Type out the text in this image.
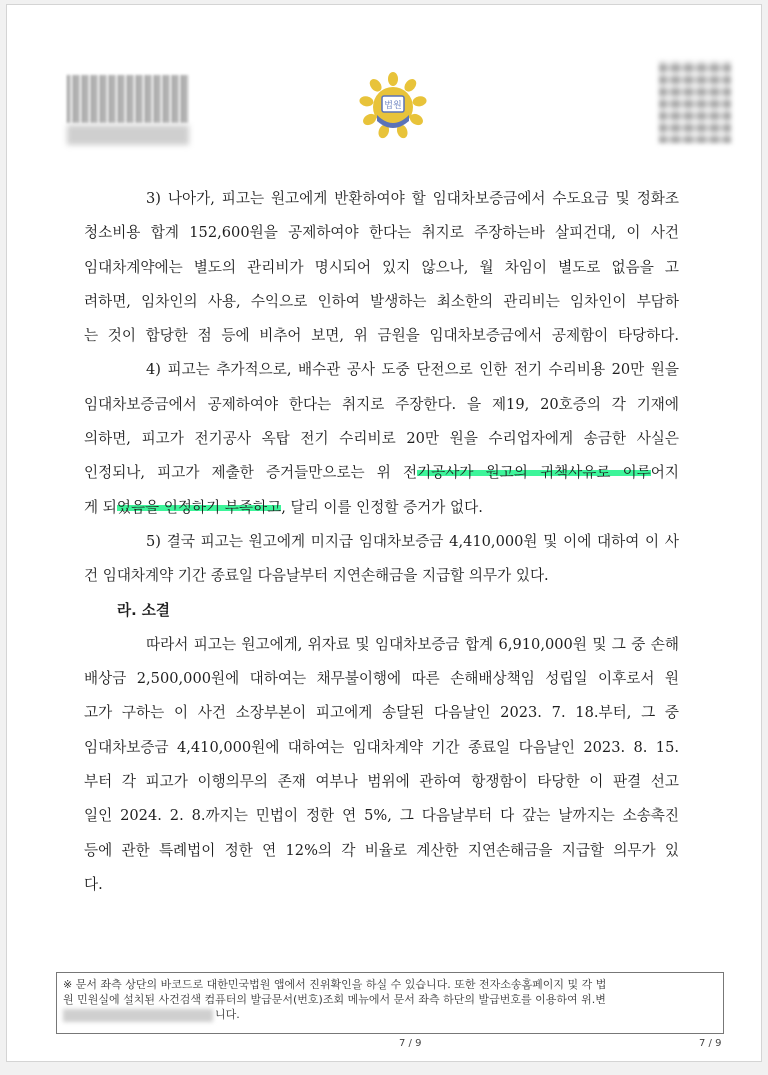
법원
3) 나아가, 피고는 원고에게 반환하여야 할 임대차보증금에서 수도요금 및 정화조
청소비용 합계 152,600원을 공제하여야 한다는 취지로 주장하는바 살피건대, 이 사건
임대차계약에는 별도의 관리비가 명시되어 있지 않으나, 월 차임이 별도로 없음을 고
려하면, 임차인의 사용, 수익으로 인하여 발생하는 최소한의 관리비는 임차인이 부담하
는 것이 합당한 점 등에 비추어 보면, 위 금원을 임대차보증금에서 공제함이 타당하다.
4) 피고는 추가적으로, 배수관 공사 도중 단전으로 인한 전기 수리비용 20만 원을
임대차보증금에서 공제하여야 한다는 취지로 주장한다. 을 제19, 20호증의 각 기재에
의하면, 피고가 전기공사 옥탑 전기 수리비로 20만 원을 수리업자에게 송금한 사실은
인정되나, 피고가 제출한 증거들만으로는 위 전기공사가 원고의 귀책사유로 이루어지
게 되었음을 인정하기 부족하고, 달리 이를 인정할 증거가 없다.
5) 결국 피고는 원고에게 미지급 임대차보증금 4,410,000원 및 이에 대하여 이 사
건 임대차계약 기간 종료일 다음날부터 지연손해금을 지급할 의무가 있다.
라. 소결
따라서 피고는 원고에게, 위자료 및 임대차보증금 합계 6,910,000원 및 그 중 손해
배상금 2,500,000원에 대하여는 채무불이행에 따른 손해배상책임 성립일 이후로서 원
고가 구하는 이 사건 소장부본이 피고에게 송달된 다음날인 2023. 7. 18.부터, 그 중
임대차보증금 4,410,000원에 대하여는 임대차계약 기간 종료일 다음날인 2023. 8. 15.
부터 각 피고가 이행의무의 존재 여부나 범위에 관하여 항쟁함이 타당한 이 판결 선고
일인 2024. 2. 8.까지는 민법이 정한 연 5%, 그 다음날부터 다 갚는 날까지는 소송촉진
등에 관한 특례법이 정한 연 12%의 각 비율로 계산한 지연손해금을 지급할 의무가 있
다.
※ 문서 좌측 상단의 바코드로 대한민국법원 앱에서 진위확인을 하실 수 있습니다. 또한 전자소송홈페이지 및 각 법
원 민원실에 설치된 사건검색 컴퓨터의 발급문서(번호)조회 메뉴에서 문서 좌측 하단의 발급번호를 이용하여 위.변
니다.
7 / 9	7 / 9
